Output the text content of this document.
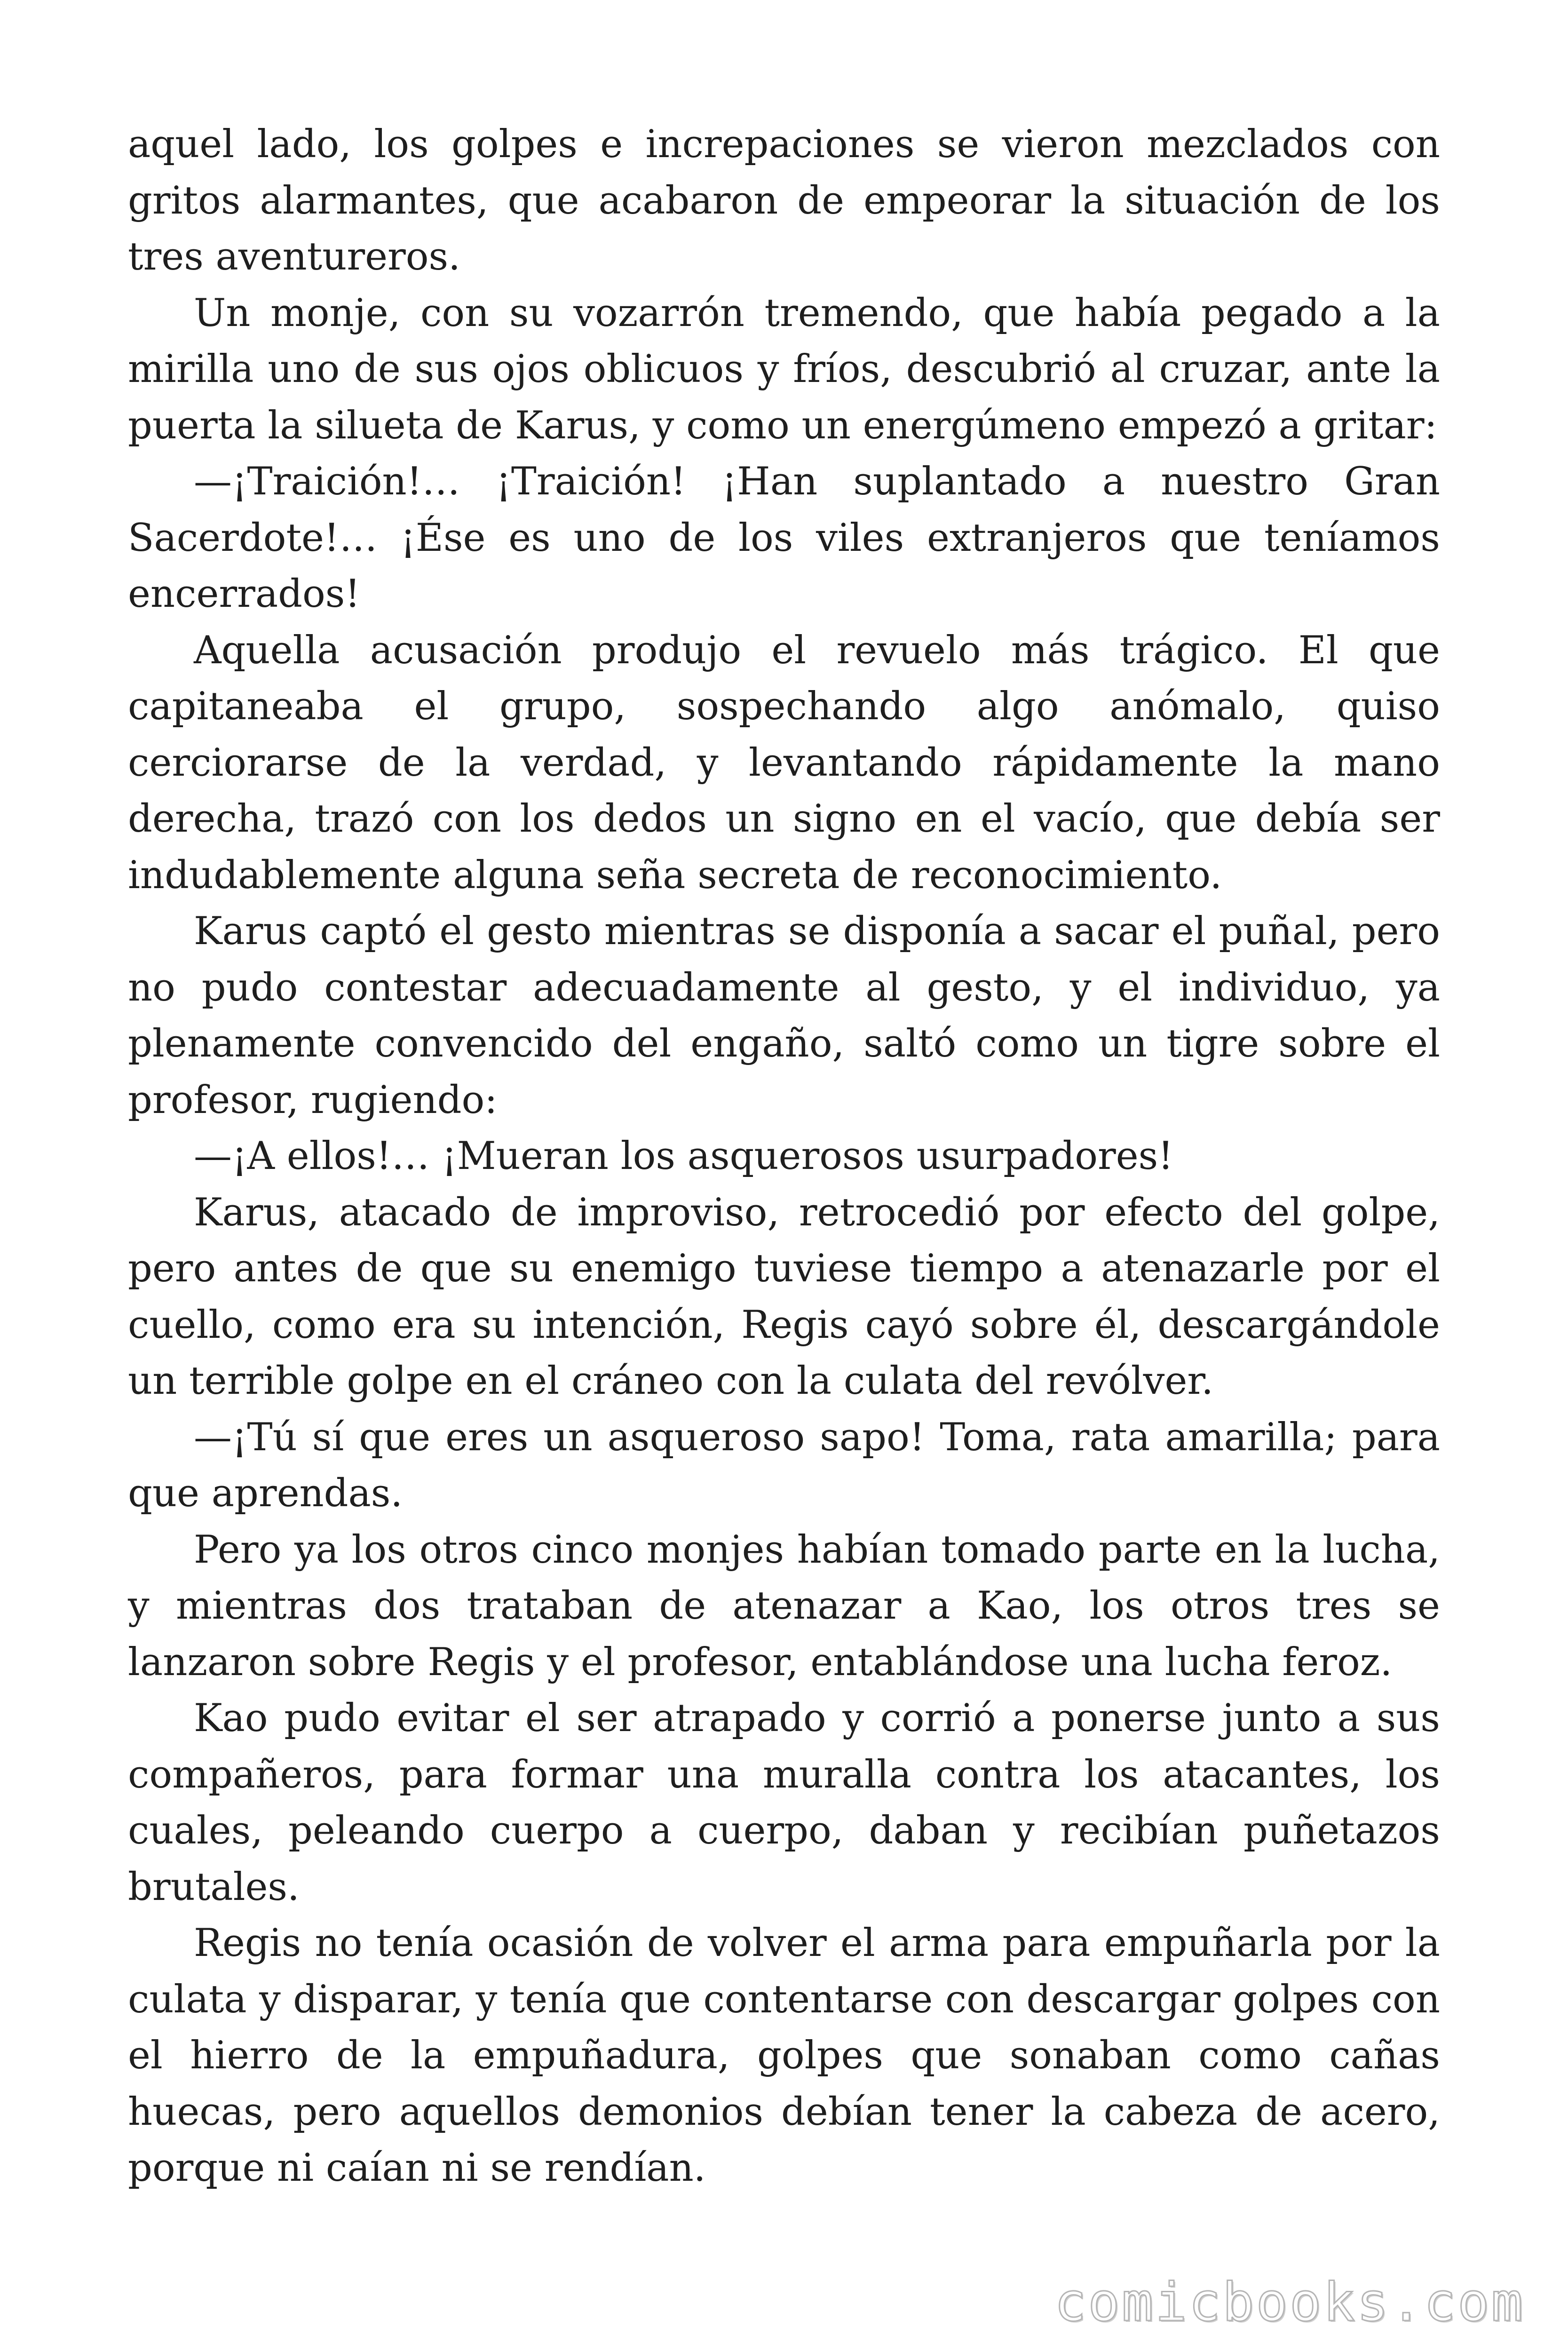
aquel lado, los golpes e increpaciones se vieron mezclados con gritos alarmantes, que acabaron de empeorar la situación de los tres aventureros.

Un monje, con su vozarrón tremendo, que había pegado a la mirilla uno de sus ojos oblicuos y fríos, descubrió al cruzar, ante la puerta la silueta de Karus, y como un energúmeno empezó a gritar:

—¡Traición!… ¡Traición! ¡Han suplantado a nuestro Gran Sacerdote!… ¡Ése es uno de los viles extranjeros que teníamos encerrados!

Aquella acusación produjo el revuelo más trágico. El que capitaneaba el grupo, sospechando algo anómalo, quiso cerciorarse de la verdad, y levantando rápidamente la mano derecha, trazó con los dedos un signo en el vacío, que debía ser indudablemente alguna seña secreta de reconocimiento.

Karus captó el gesto mientras se disponía a sacar el puñal, pero no pudo contestar adecuadamente al gesto, y el individuo, ya plenamente convencido del engaño, saltó como un tigre sobre el profesor, rugiendo:

—¡A ellos!… ¡Mueran los asquerosos usurpadores!

Karus, atacado de improviso, retrocedió por efecto del golpe, pero antes de que su enemigo tuviese tiempo a atenazarle por el cuello, como era su intención, Regis cayó sobre él, descargándole un terrible golpe en el cráneo con la culata del revólver.

—¡Tú sí que eres un asqueroso sapo! Toma, rata amarilla; para que aprendas.

Pero ya los otros cinco monjes habían tomado parte en la lucha, y mientras dos trataban de atenazar a Kao, los otros tres se lanzaron sobre Regis y el profesor, entablándose una lucha feroz.

Kao pudo evitar el ser atrapado y corrió a ponerse junto a sus compañeros, para formar una muralla contra los atacantes, los cuales, peleando cuerpo a cuerpo, daban y recibían puñetazos brutales.

Regis no tenía ocasión de volver el arma para empuñarla por la culata y disparar, y tenía que contentarse con descargar golpes con el hierro de la empuñadura, golpes que sonaban como cañas huecas, pero aquellos demonios debían tener la cabeza de acero, porque ni caían ni se rendían.

comicbooks.com
